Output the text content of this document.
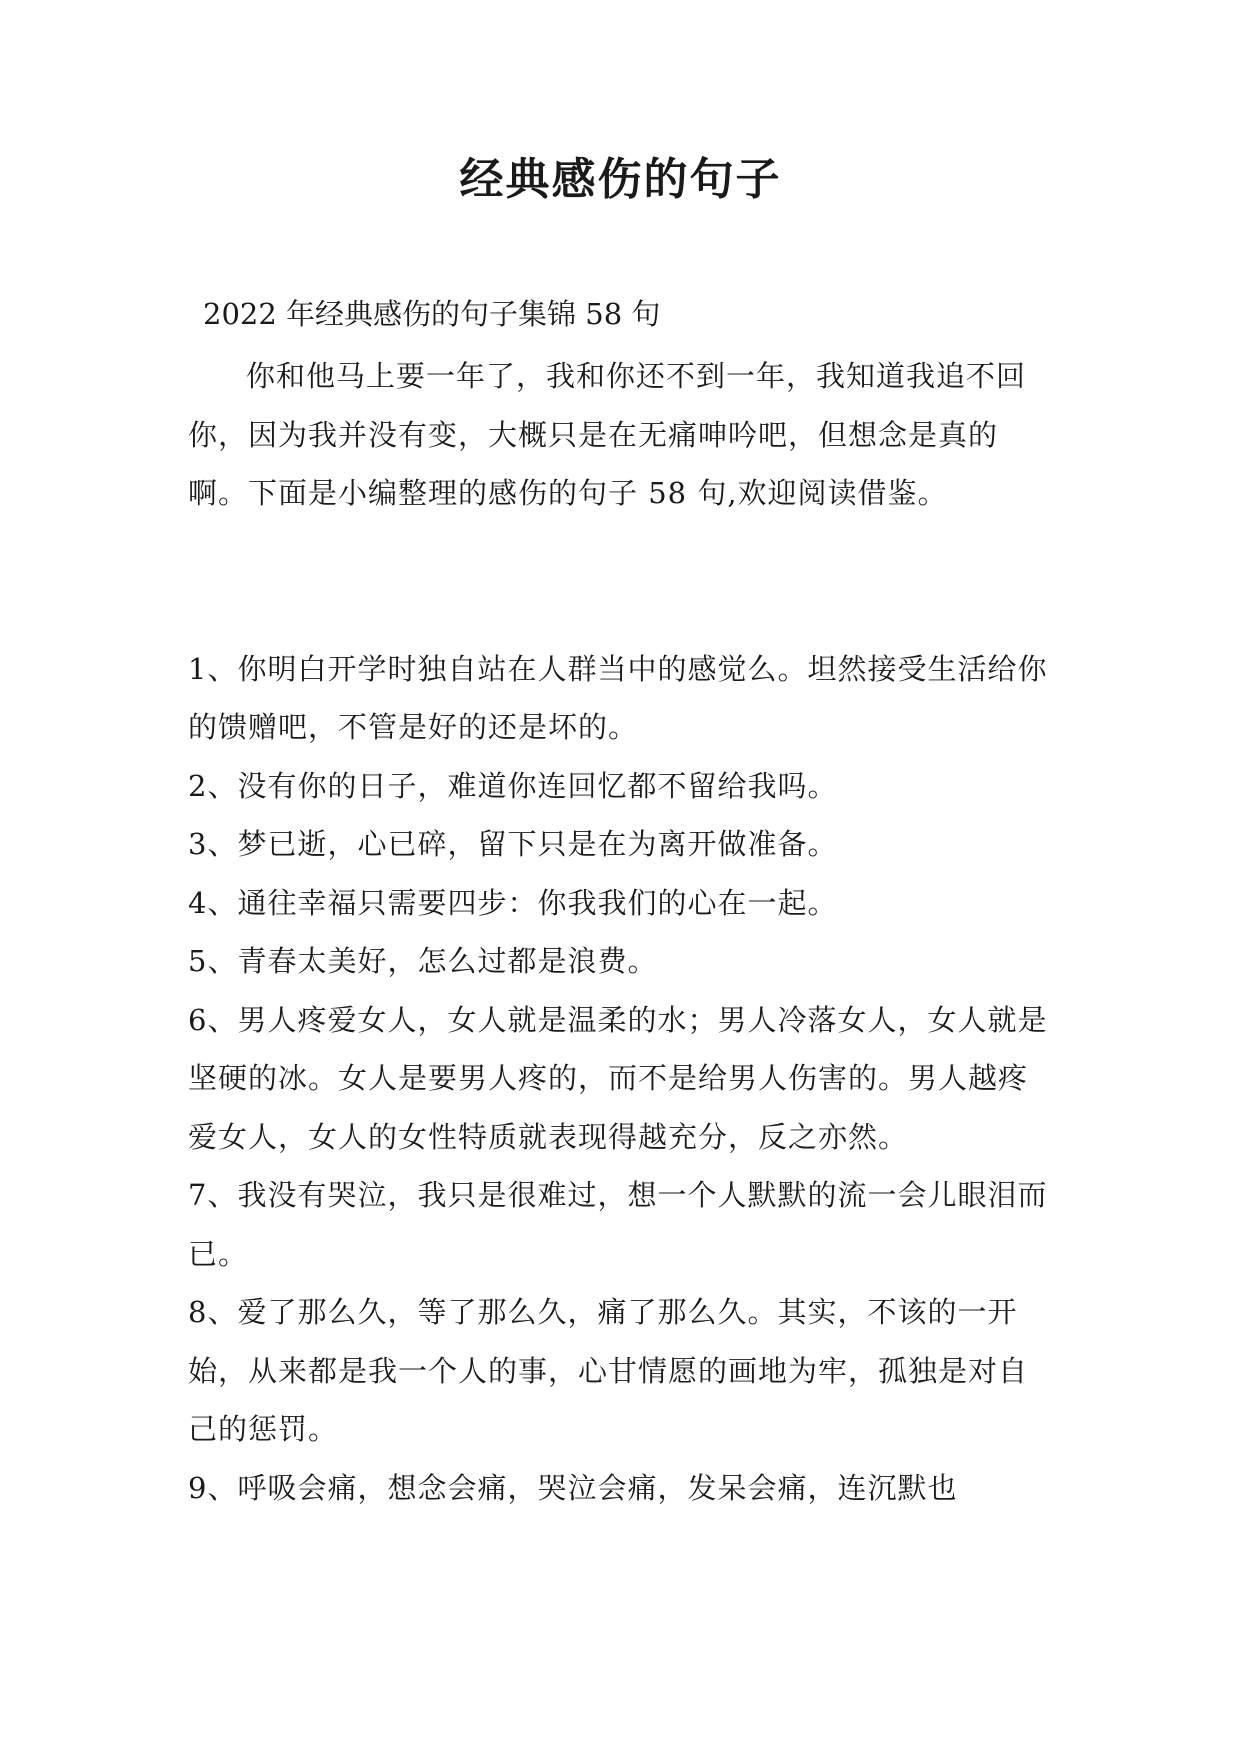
经典感伤的句子

2022 年经典感伤的句子集锦 58 句

你和他马上要一年了，我和你还不到一年，我知道我追不回你，因为我并没有变，大概只是在无痛呻吟吧，但想念是真的啊。下面是小编整理的感伤的句子 58 句,欢迎阅读借鉴。

1、你明白开学时独自站在人群当中的感觉么。坦然接受生活给你的馈赠吧，不管是好的还是坏的。

2、没有你的日子，难道你连回忆都不留给我吗。

3、梦已逝，心已碎，留下只是在为离开做准备。

4、通往幸福只需要四步：你我我们的心在一起。

5、青春太美好，怎么过都是浪费。

6、男人疼爱女人，女人就是温柔的水；男人冷落女人，女人就是坚硬的冰。女人是要男人疼的，而不是给男人伤害的。男人越疼爱女人，女人的女性特质就表现得越充分，反之亦然。

7、我没有哭泣，我只是很难过，想一个人默默的流一会儿眼泪而已。

8、爱了那么久，等了那么久，痛了那么久。其实，不该的一开始，从来都是我一个人的事，心甘情愿的画地为牢，孤独是对自己的惩罚。

9、呼吸会痛，想念会痛，哭泣会痛，发呆会痛，连沉默也
